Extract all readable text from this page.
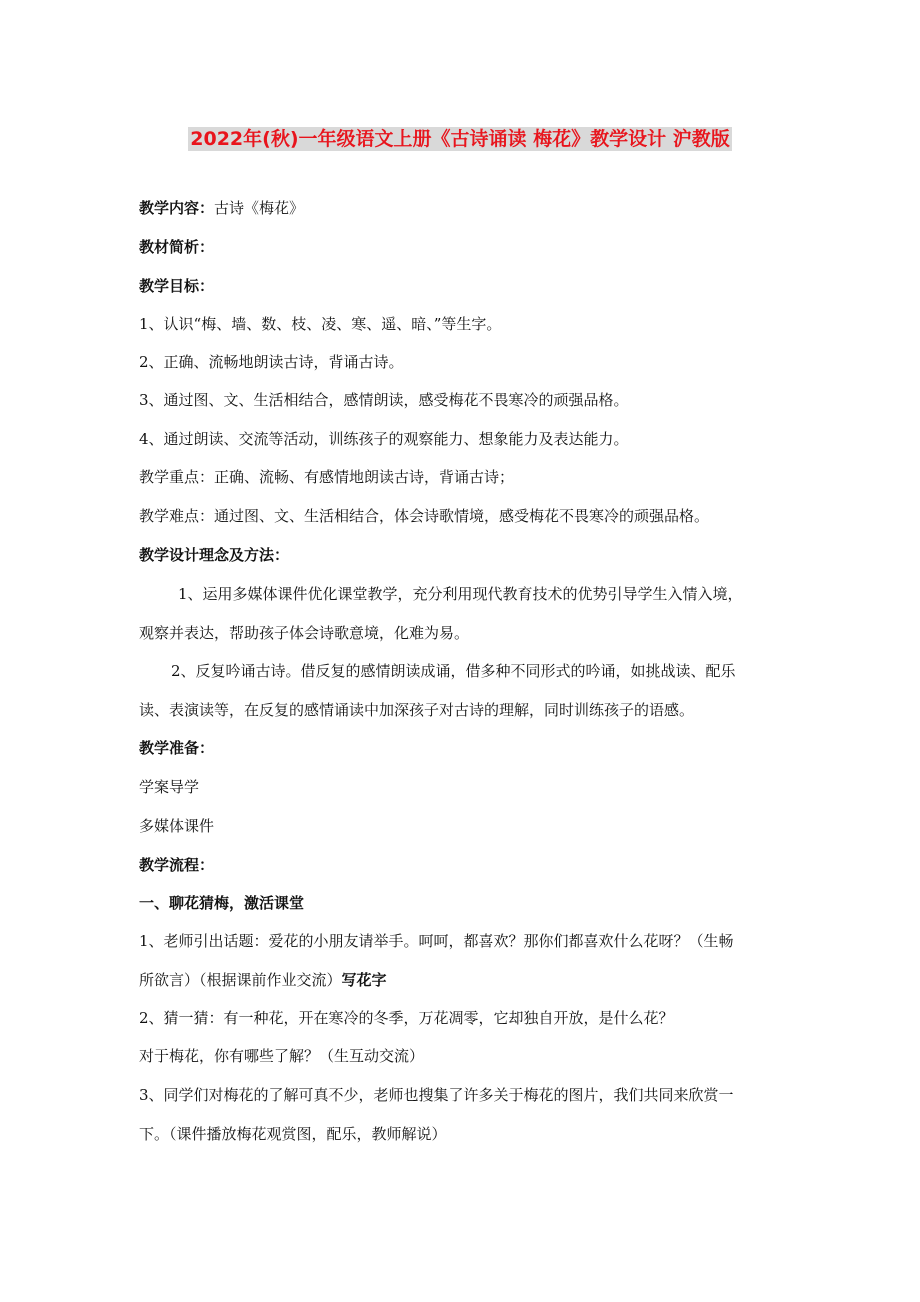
2022年(秋)一年级语文上册《古诗诵读 梅花》教学设计 沪教版
教学内容：古诗《梅花》
教材简析：
教学目标：
1、认识“梅、墙、数、枝、凌、寒、遥、暗、”等生字。
2、正确、流畅地朗读古诗，背诵古诗。
3、通过图、文、生活相结合，感情朗读，感受梅花不畏寒冷的顽强品格。
4、通过朗读、交流等活动，训练孩子的观察能力、想象能力及表达能力。
教学重点：正确、流畅、有感情地朗读古诗，背诵古诗；
教学难点：通过图、文、生活相结合，体会诗歌情境，感受梅花不畏寒冷的顽强品格。
教学设计理念及方法：
1、运用多媒体课件优化课堂教学，充分利用现代教育技术的优势引导学生入情入境，
观察并表达，帮助孩子体会诗歌意境，化难为易。
2、反复吟诵古诗。借反复的感情朗读成诵，借多种不同形式的吟诵，如挑战读、配乐
读、表演读等，在反复的感情诵读中加深孩子对古诗的理解，同时训练孩子的语感。
教学准备：
学案导学
多媒体课件
教学流程：
一、聊花猜梅，激活课堂
1、老师引出话题：爱花的小朋友请举手。呵呵，都喜欢？那你们都喜欢什么花呀？（生畅
所欲言）（根据课前作业交流）写花字
2、猜一猜：有一种花，开在寒冷的冬季，万花凋零，它却独自开放，是什么花？
对于梅花，你有哪些了解？（生互动交流）
3、同学们对梅花的了解可真不少，老师也搜集了许多关于梅花的图片，我们共同来欣赏一
下。（课件播放梅花观赏图，配乐，教师解说）
